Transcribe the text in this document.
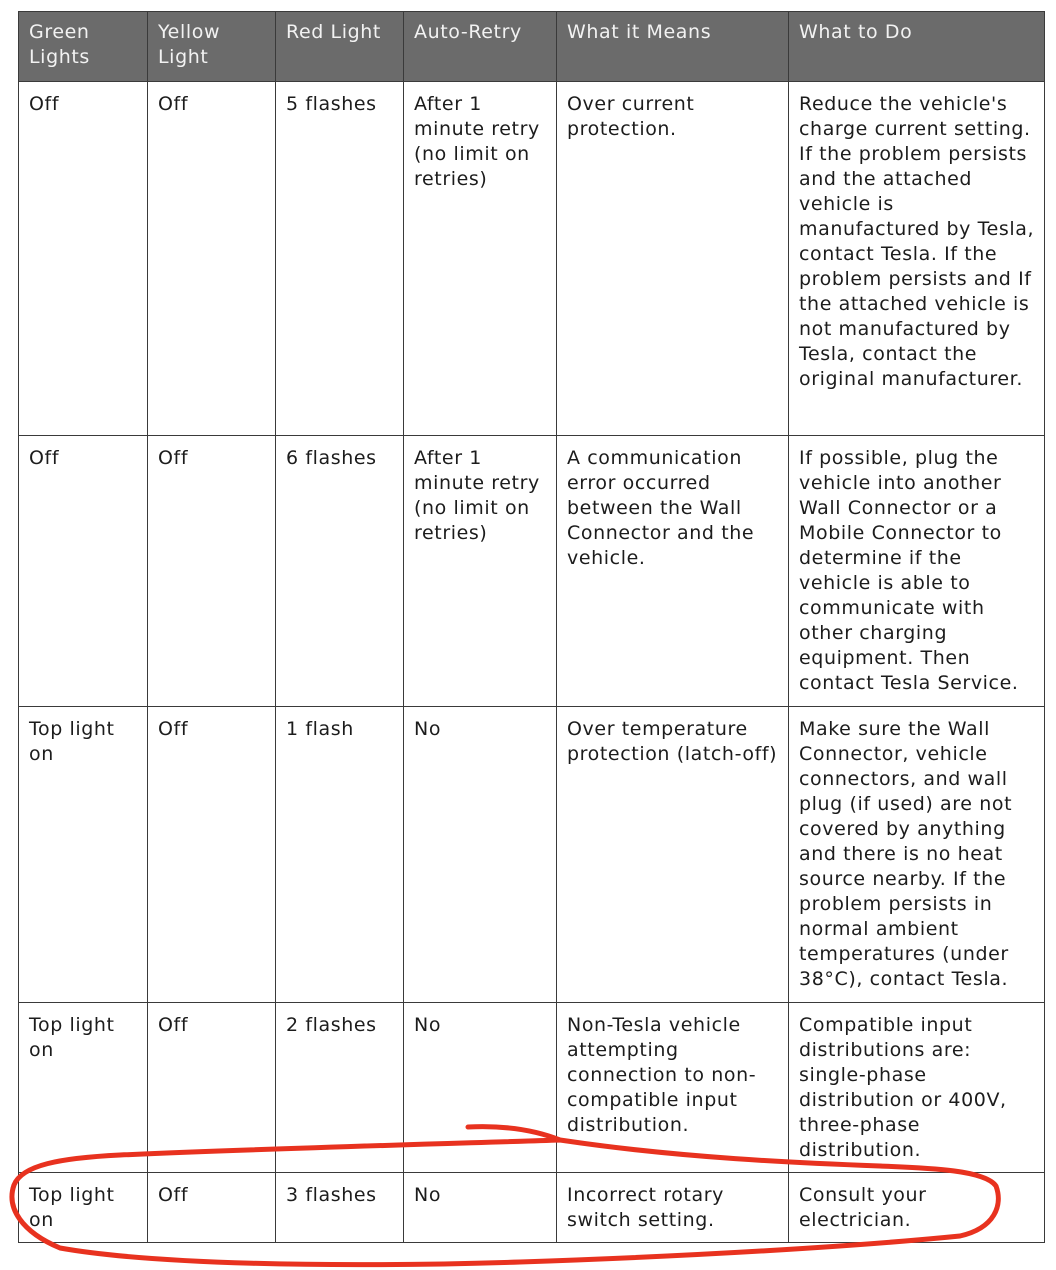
Green Lights	Yellow Light	Red Light	Auto-Retry	What it Means	What to Do
Off	Off	5 flashes	After 1 minute retry (no limit on retries)	Over current protection.	Reduce the vehicle's charge current setting. If the problem persists and the attached vehicle is manufactured by Tesla, contact Tesla. If the problem persists and If the attached vehicle is not manufactured by Tesla, contact the original manufacturer.
Off	Off	6 flashes	After 1 minute retry (no limit on retries)	A communication error occurred between the Wall Connector and the vehicle.	If possible, plug the vehicle into another Wall Connector or a Mobile Connector to determine if the vehicle is able to communicate with other charging equipment. Then contact Tesla Service.
Top light on	Off	1 flash	No	Over temperature protection (latch-off)	Make sure the Wall Connector, vehicle connectors, and wall plug (if used) are not covered by anything and there is no heat source nearby. If the problem persists in normal ambient temperatures (under 38°C), contact Tesla.
Top light on	Off	2 flashes	No	Non-Tesla vehicle attempting connection to non-compatible input distribution.	Compatible input distributions are: single-phase distribution or 400V, three-phase distribution.
Top light on	Off	3 flashes	No	Incorrect rotary switch setting.	Consult your electrician.
